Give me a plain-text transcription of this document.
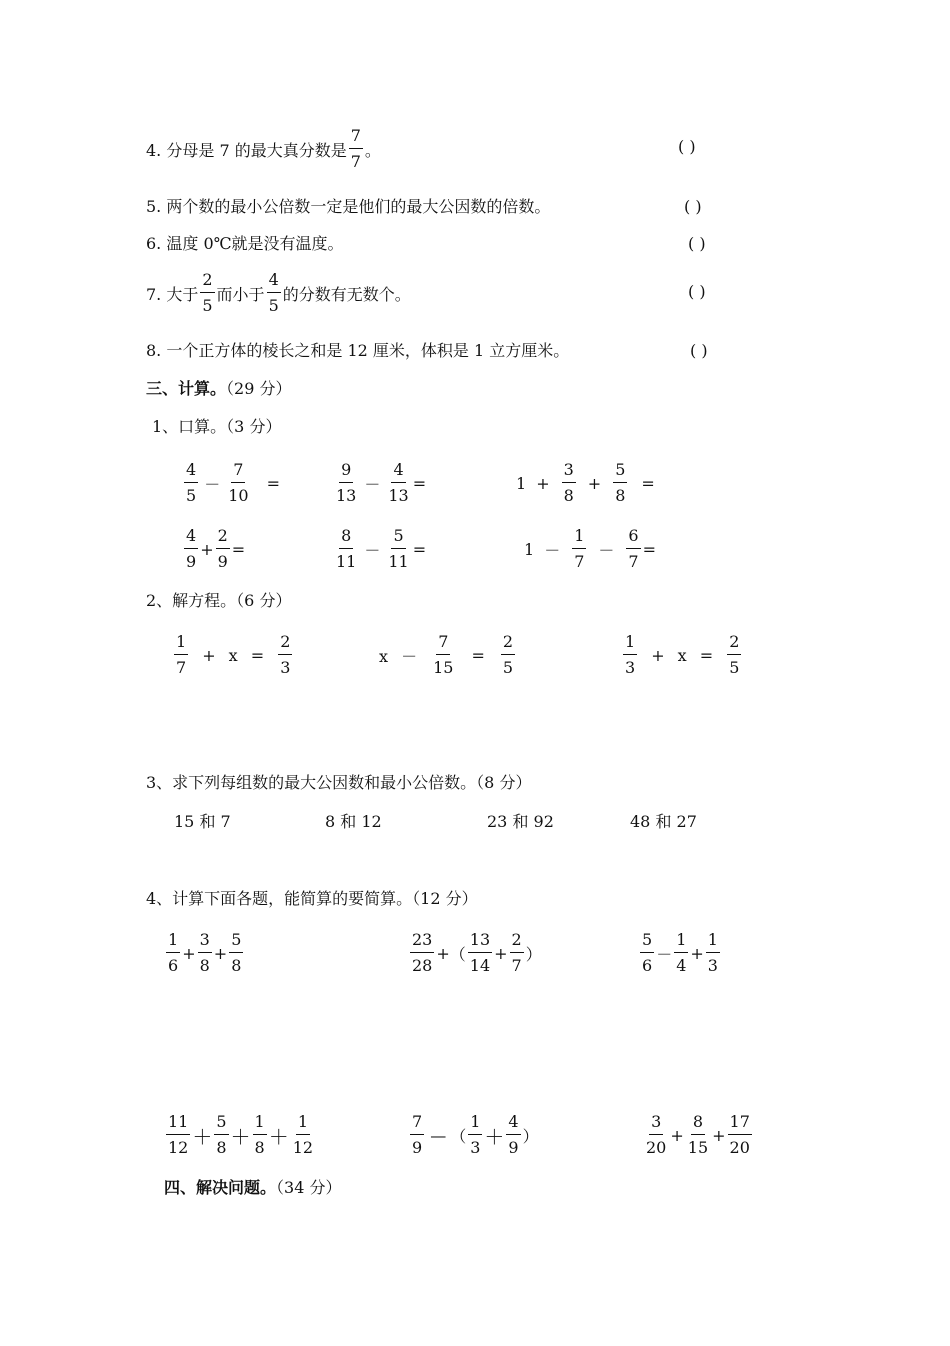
4. 分母是 7 的最大真分数是 $\frac{7}{7}$ 。	( )
5. 两个数的最小公倍数一定是他们的最大公因数的倍数。	( )
6. 温度 0℃就是没有温度。	( )
7. 大于 $\frac{2}{5}$ 而小于 $\frac{4}{5}$ 的分数有无数个。	( )
8. 一个正方体的棱长之和是 12 厘米，体积是 1 立方厘米。	( )
三、计算。（29 分）
1、口算。（3 分）
$\frac{4}{5} - \frac{7}{10}$ =	$\frac{9}{13} - \frac{4}{13}$ =	$1 + \frac{3}{8} + \frac{5}{8}$ =
$\frac{4}{9} + \frac{2}{9}$ =	$\frac{8}{11} - \frac{5}{11}$ =	$1 - \frac{1}{7} - \frac{6}{7}$ =
2、解方程。（6 分）
$\frac{1}{7} + x = \frac{2}{3}$	$x - \frac{7}{15} = \frac{2}{5}$	$\frac{1}{3} + x = \frac{2}{5}$
3、求下列每组数的最大公因数和最小公倍数。（8 分）
15 和 7	8 和 12	23 和 92	48 和 27
4、计算下面各题，能简算的要简算。（12 分）
$\frac{1}{6} + \frac{3}{8} + \frac{5}{8}$	$\frac{23}{28}$ + （ $\frac{13}{14} + \frac{2}{7}$ ）	$\frac{5}{6} - \frac{1}{4} + \frac{1}{3}$
$\frac{11}{12} + \frac{5}{8} + \frac{1}{8} + \frac{1}{12}$	$\frac{7}{9}$ — （ $\frac{1}{3} + \frac{4}{9}$ ）	$\frac{3}{20} + \frac{8}{15} + \frac{17}{20}$
四、解决问题。（34 分）
